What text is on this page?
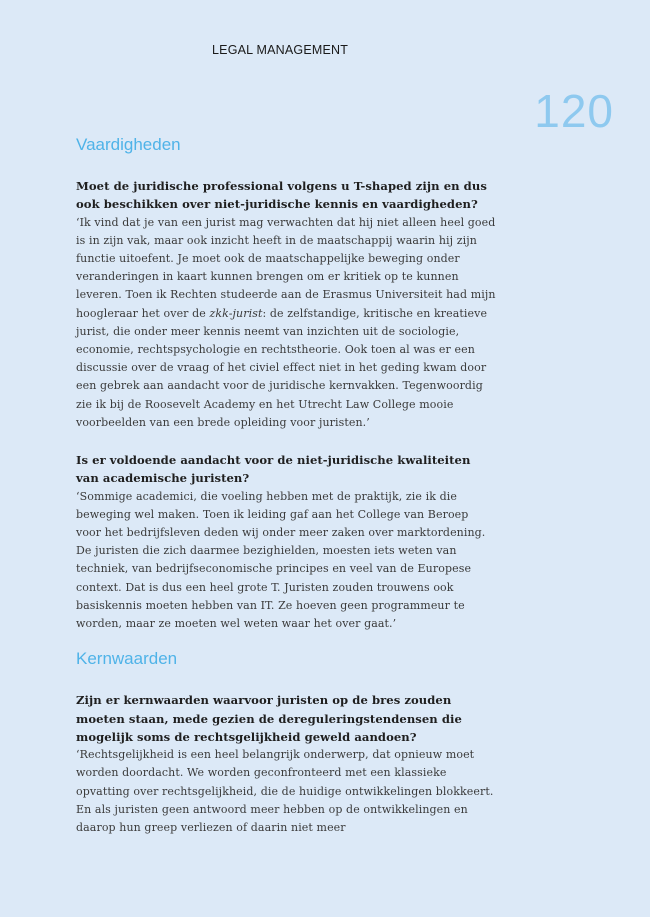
LEGAL MANAGEMENT
120
Vaardigheden

Moet de juridische professional volgens u T-shaped zijn en dus ook beschikken over niet-juridische kennis en vaardigheden?

‘Ik vind dat je van een jurist mag verwachten dat hij niet alleen heel goed is in zijn vak, maar ook inzicht heeft in de maatschappij waarin hij zijn functie uitoefent. Je moet ook de maatschappelijke beweging onder veranderingen in kaart kunnen brengen om er kritiek op te kunnen leveren. Toen ik Rechten studeerde aan de Erasmus Universiteit had mijn hoogleraar het over de zkk-jurist: de zelfstandige, kritische en kreatieve jurist, die onder meer kennis neemt van inzichten uit de sociologie, economie, rechtspsychologie en rechtstheorie. Ook toen al was er een discussie over de vraag of het civiel effect niet in het geding kwam door een gebrek aan aandacht voor de juridische kernvakken. Tegenwoordig zie ik bij de Roosevelt Academy en het Utrecht Law College mooie voorbeelden van een brede opleiding voor juristen.’

Is er voldoende aandacht voor de niet-juridische kwaliteiten van academische juristen?

‘Sommige academici, die voeling hebben met de praktijk, zie ik die beweging wel maken. Toen ik leiding gaf aan het College van Beroep voor het bedrijfsleven deden wij onder meer zaken over marktordening. De juristen die zich daarmee bezighielden, moesten iets weten van techniek, van bedrijfseconomische principes en veel van de Europese context. Dat is dus een heel grote T. Juristen zouden trouwens ook basiskennis moeten hebben van IT. Ze hoeven geen programmeur te worden, maar ze moeten wel weten waar het over gaat.’

Kernwaarden

Zijn er kernwaarden waarvoor juristen op de bres zouden moeten staan, mede gezien de dereguleringstendensen die mogelijk soms de rechtsgelijkheid geweld aandoen?

‘Rechtsgelijkheid is een heel belangrijk onderwerp, dat opnieuw moet worden doordacht. We worden geconfronteerd met een klassieke opvatting over rechtsgelijkheid, die de huidige ontwikkelingen blokkeert. En als juristen geen antwoord meer hebben op de ontwikkelingen en daarop hun greep verliezen of daarin niet meer
